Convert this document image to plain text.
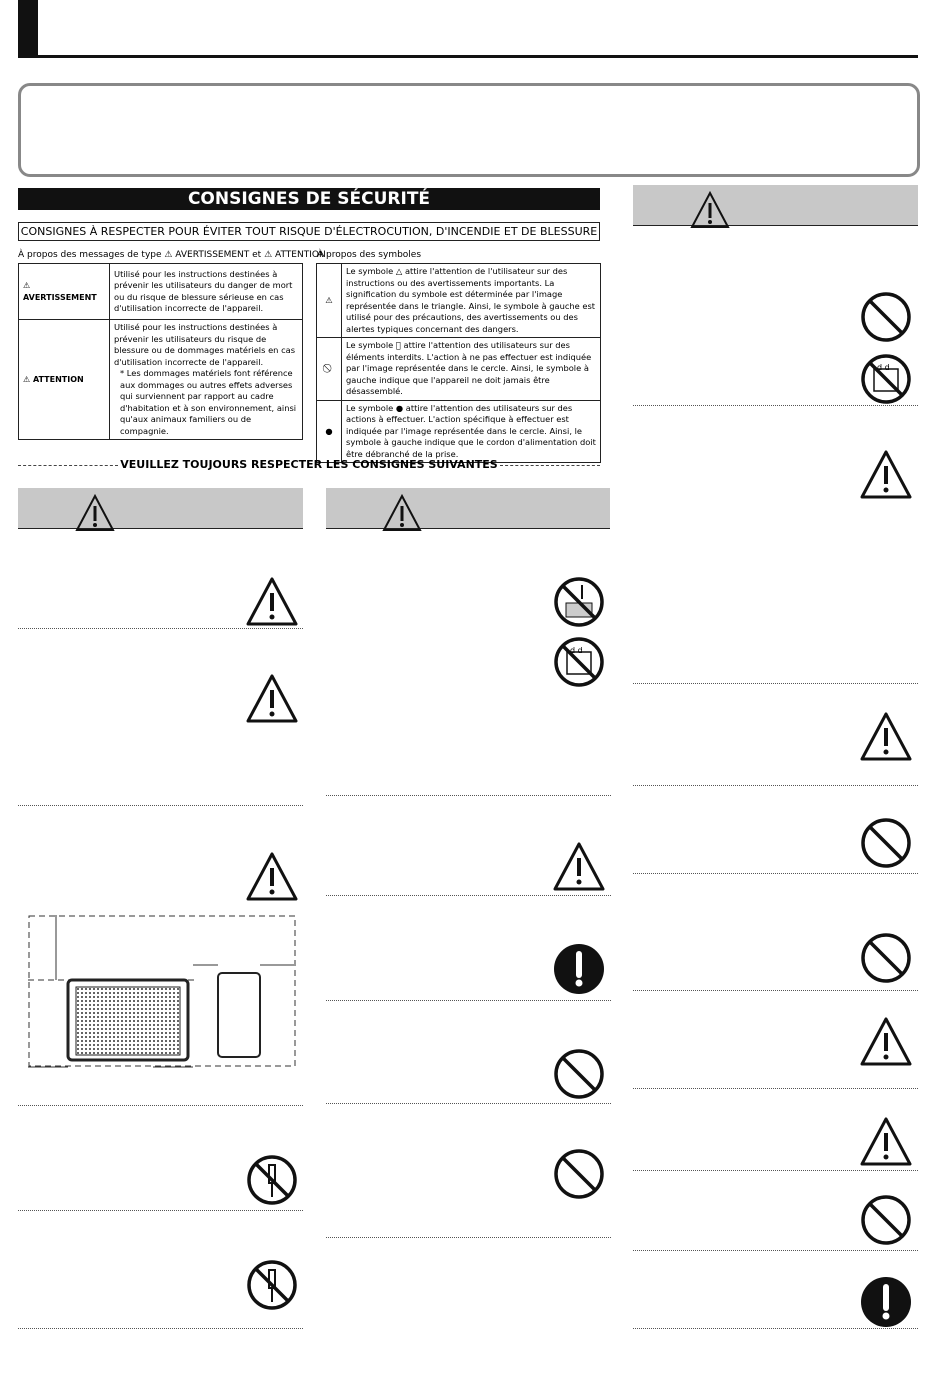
CONSIGNES DE SÉCURITÉ
CONSIGNES À RESPECTER POUR ÉVITER TOUT RISQUE D'ÉLECTROCUTION, D'INCENDIE ET DE BLESSURE
À propos des messages de type ⚠ AVERTISSEMENT et ⚠ ATTENTION
⚠ AVERTISSEMENT	Utilisé pour les instructions destinées à prévenir les utilisateurs du danger de mort ou du risque de blessure sérieuse en cas d'utilisation incorrecte de l'appareil.
⚠ ATTENTION	Utilisé pour les instructions destinées à prévenir les utilisateurs du risque de blessure ou de dommages matériels en cas d'utilisation incorrecte de l'appareil.
* Les dommages matériels font référence aux dommages ou autres effets adverses qui surviennent par rapport au cadre d'habitation et à son environnement, ainsi qu'aux animaux familiers ou de compagnie.
À propos des symboles
⚠	Le symbole △ attire l'attention de l'utilisateur sur des instructions ou des avertissements importants. La signification du symbole est déterminée par l'image représentée dans le triangle. Ainsi, le symbole à gauche est utilisé pour des précautions, des avertissements ou des alertes typiques concernant des dangers.
	Le symbole ⃠ attire l'attention des utilisateurs sur des éléments interdits. L'action à ne pas effectuer est indiquée par l'image représentée dans le cercle. Ainsi, le symbole à gauche indique que l'appareil ne doit jamais être désassemblé.
●	Le symbole ● attire l'attention des utilisateurs sur des actions à effectuer. L'action spécifique à effectuer est indiquée par l'image représentée dans le cercle. Ainsi, le symbole à gauche indique que le cordon d'alimentation doit être débranché de la prise.
VEUILLEZ TOUJOURS RESPECTER LES CONSIGNES SUIVANTES
d d
d d
